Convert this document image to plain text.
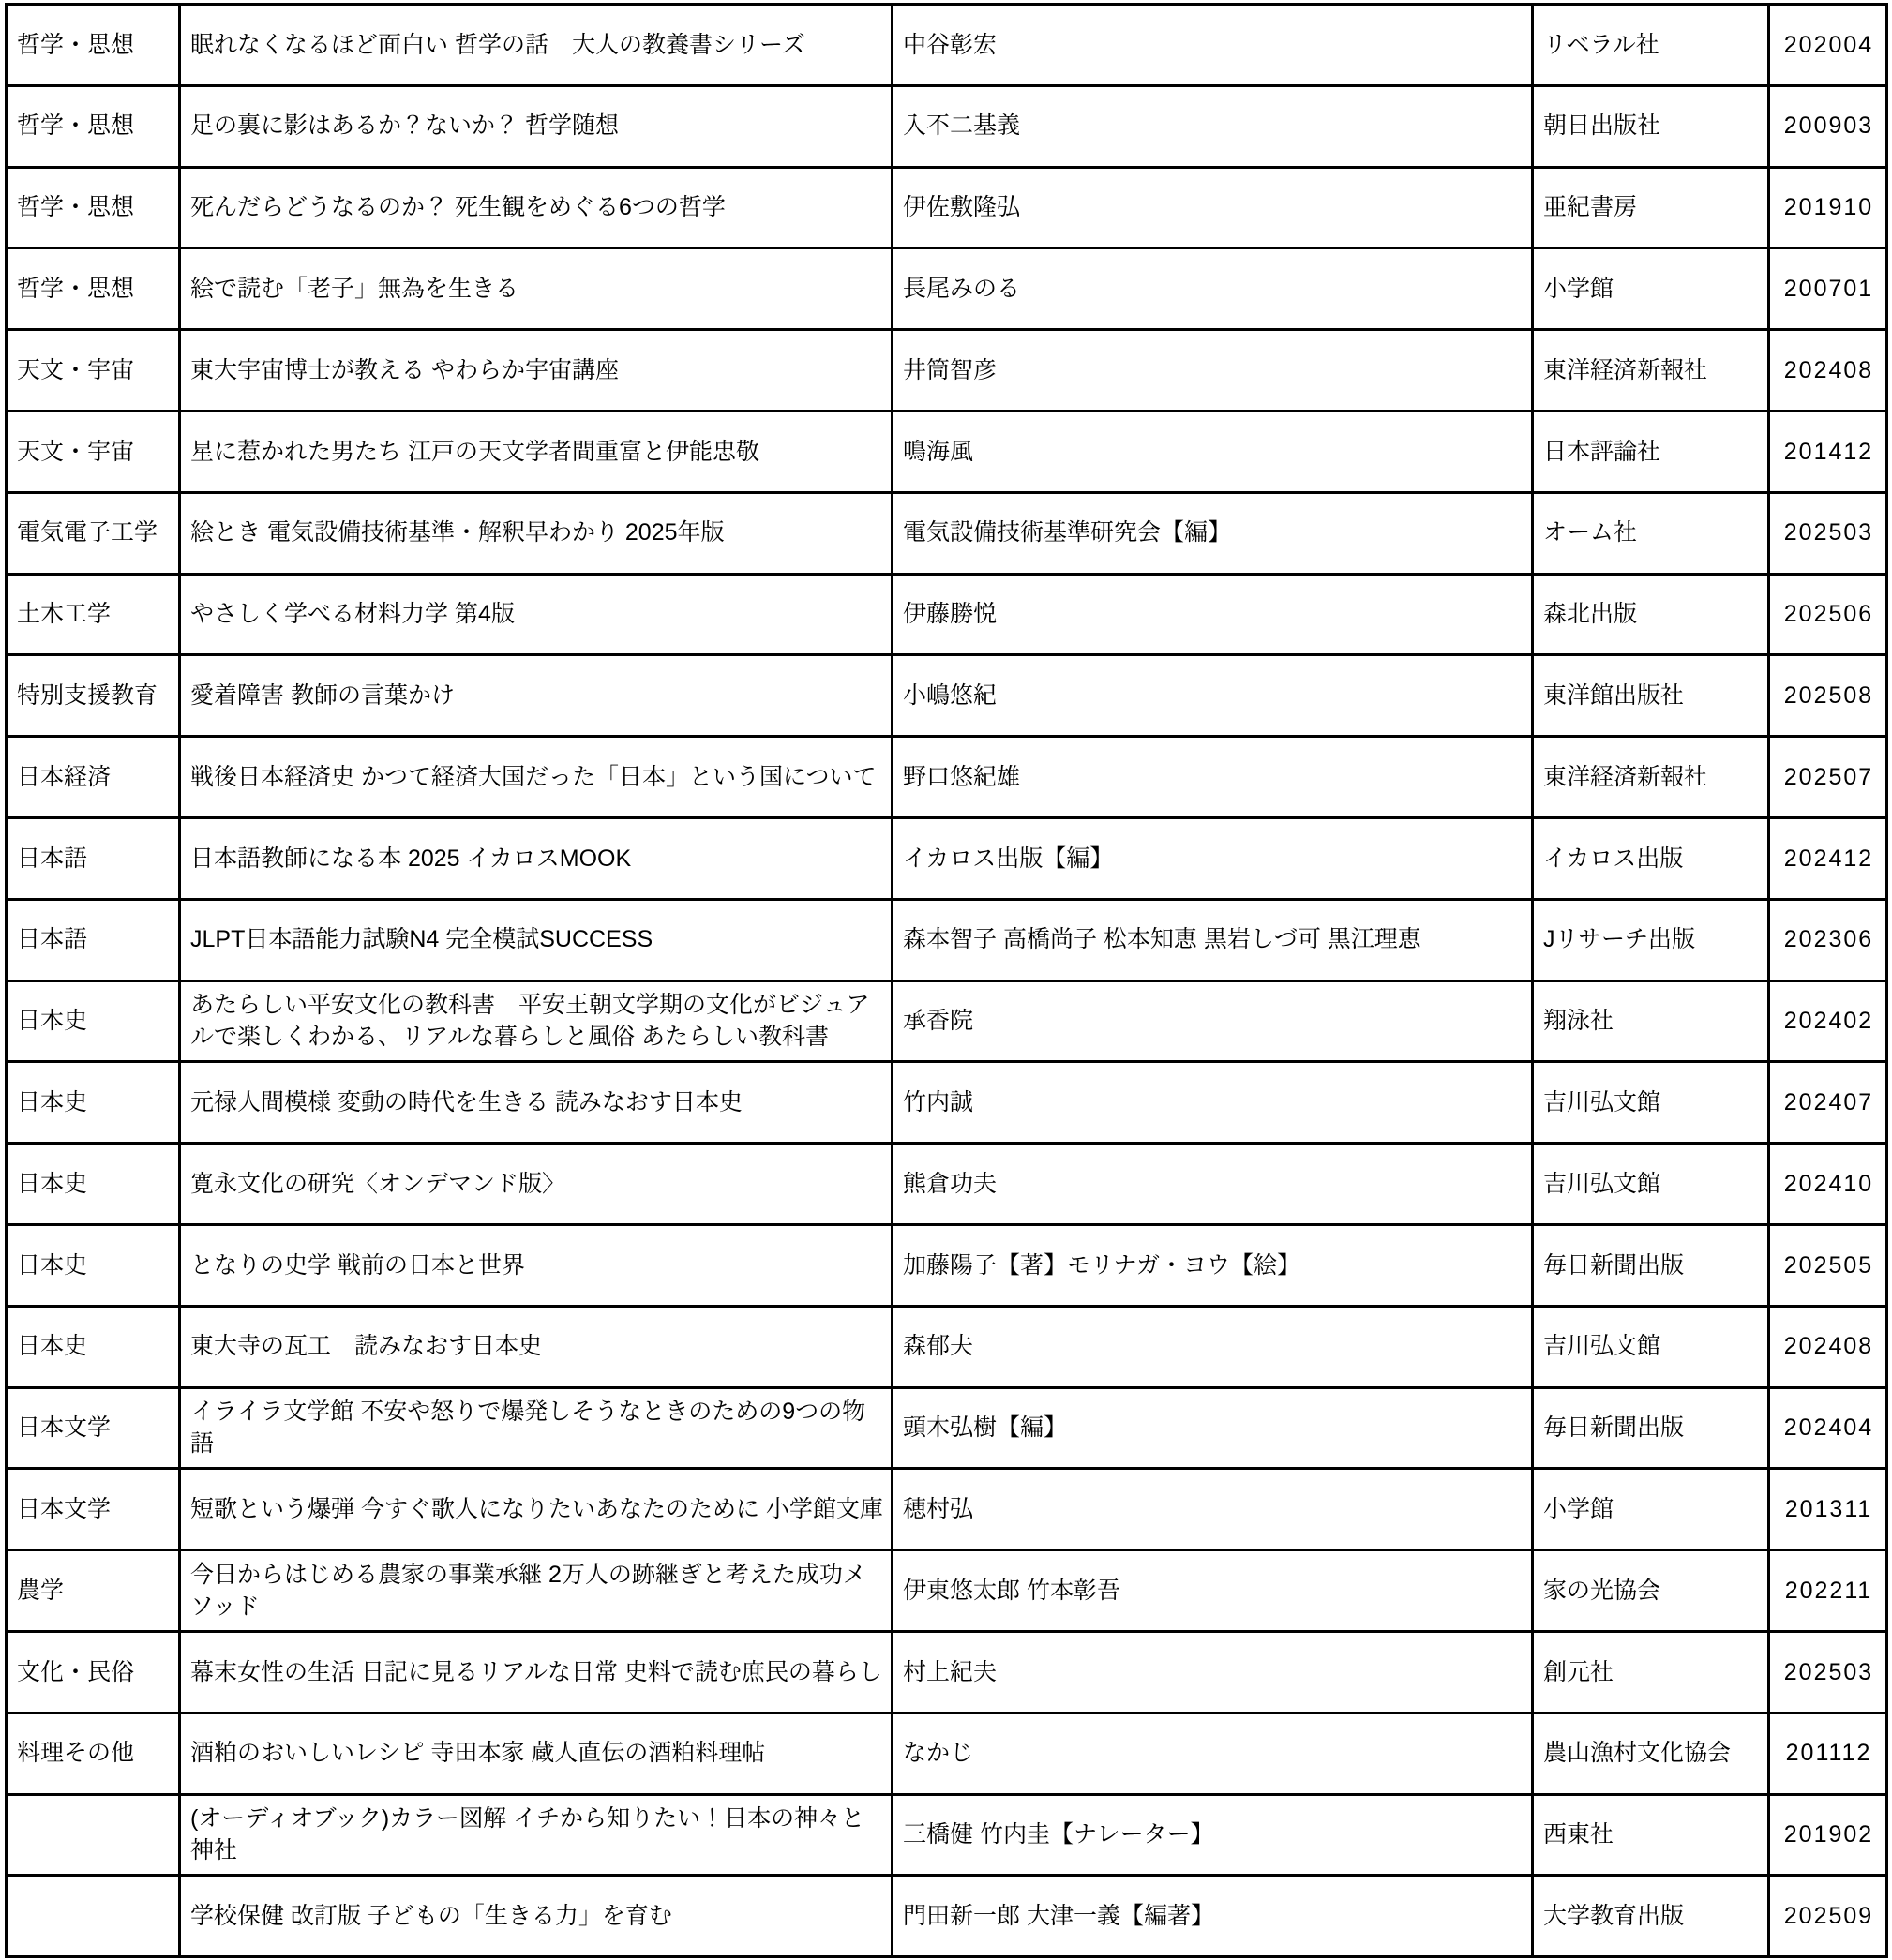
哲学・思想	眠れなくなるほど面白い 哲学の話　大人の教養書シリーズ	中谷彰宏	リベラル社	202004
哲学・思想	足の裏に影はあるか？ないか？ 哲学随想	入不二基義	朝日出版社	200903
哲学・思想	死んだらどうなるのか？ 死生観をめぐる6つの哲学	伊佐敷隆弘	亜紀書房	201910
哲学・思想	絵で読む「老子」無為を生きる	長尾みのる	小学館	200701
天文・宇宙	東大宇宙博士が教える やわらか宇宙講座	井筒智彦	東洋経済新報社	202408
天文・宇宙	星に惹かれた男たち 江戸の天文学者間重富と伊能忠敬	鳴海風	日本評論社	201412
電気電子工学	絵とき 電気設備技術基準・解釈早わかり 2025年版	電気設備技術基準研究会【編】	オーム社	202503
土木工学	やさしく学べる材料力学 第4版	伊藤勝悦	森北出版	202506
特別支援教育	愛着障害 教師の言葉かけ	小嶋悠紀	東洋館出版社	202508
日本経済	戦後日本経済史 かつて経済大国だった「日本」という国について	野口悠紀雄	東洋経済新報社	202507
日本語	日本語教師になる本 2025 イカロスMOOK	イカロス出版【編】	イカロス出版	202412
日本語	JLPT日本語能力試験N4 完全模試SUCCESS	森本智子 高橋尚子 松本知恵 黒岩しづ可 黒江理恵	Jリサーチ出版	202306
日本史	あたらしい平安文化の教科書　平安王朝文学期の文化がビジュアルで楽しくわかる、リアルな暮らしと風俗 あたらしい教科書	承香院	翔泳社	202402
日本史	元禄人間模様 変動の時代を生きる 読みなおす日本史	竹内誠	吉川弘文館	202407
日本史	寛永文化の研究〈オンデマンド版〉	熊倉功夫	吉川弘文館	202410
日本史	となりの史学 戦前の日本と世界	加藤陽子【著】モリナガ・ヨウ【絵】	毎日新聞出版	202505
日本史	東大寺の瓦工　読みなおす日本史	森郁夫	吉川弘文館	202408
日本文学	イライラ文学館 不安や怒りで爆発しそうなときのための9つの物語	頭木弘樹【編】	毎日新聞出版	202404
日本文学	短歌という爆弾 今すぐ歌人になりたいあなたのために 小学館文庫	穂村弘	小学館	201311
農学	今日からはじめる農家の事業承継 2万人の跡継ぎと考えた成功メソッド	伊東悠太郎 竹本彰吾	家の光協会	202211
文化・民俗	幕末女性の生活 日記に見るリアルな日常 史料で読む庶民の暮らし	村上紀夫	創元社	202503
料理その他	酒粕のおいしいレシピ 寺田本家 蔵人直伝の酒粕料理帖	なかじ	農山漁村文化協会	201112
	(オーディオブック)カラー図解 イチから知りたい！日本の神々と神社	三橋健 竹内圭【ナレーター】	西東社	201902
	学校保健 改訂版 子どもの「生きる力」を育む	門田新一郎 大津一義【編著】	大学教育出版	202509
